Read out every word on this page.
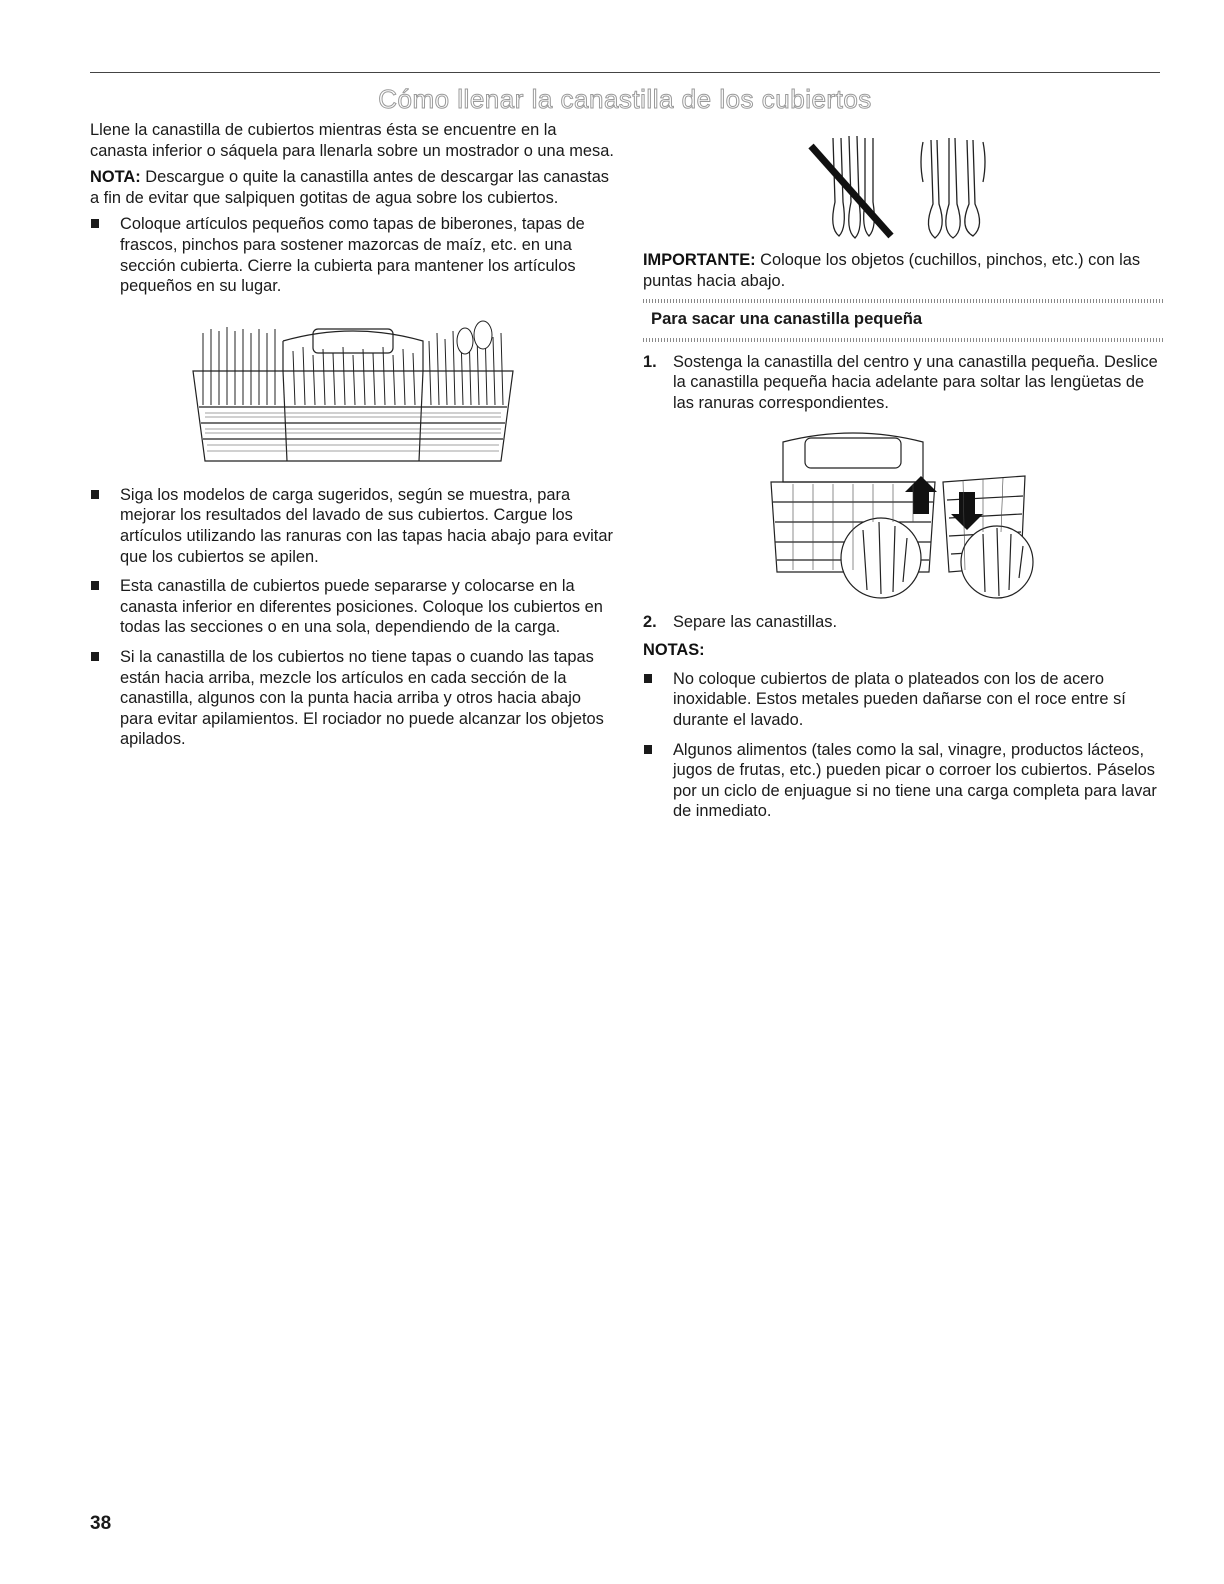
Cómo llenar la canastilla de los cubiertos

Llene la canastilla de cubiertos mientras ésta se encuentre en la canasta inferior o sáquela para llenarla sobre un mostrador o una mesa.

NOTA: Descargue o quite la canastilla antes de descargar las canastas a fin de evitar que salpiquen gotitas de agua sobre los cubiertos.

Coloque artículos pequeños como tapas de biberones, tapas de frascos, pinchos para sostener mazorcas de maíz, etc. en una sección cubierta. Cierre la cubierta para mantener los artículos pequeños en su lugar.
Siga los modelos de carga sugeridos, según se muestra, para mejorar los resultados del lavado de sus cubiertos. Cargue los artículos utilizando las ranuras con las tapas hacia abajo para evitar que los cubiertos se apilen.
Esta canastilla de cubiertos puede separarse y colocarse en la canasta inferior en diferentes posiciones. Coloque los cubiertos en todas las secciones o en una sola, dependiendo de la carga.
Si la canastilla de los cubiertos no tiene tapas o cuando las tapas están hacia arriba, mezcle los artículos en cada sección de la canastilla, algunos con la punta hacia arriba y otros hacia abajo para evitar apilamientos. El rociador no puede alcanzar los objetos apilados.

IMPORTANTE: Coloque los objetos (cuchillos, pinchos, etc.) con las puntas hacia abajo.

Para sacar una canastilla pequeña
1. Sostenga la canastilla del centro y una canastilla pequeña. Deslice la canastilla pequeña hacia adelante para soltar las lengüetas de las ranuras correspondientes.
2. Separe las canastillas.

NOTAS:

No coloque cubiertos de plata o plateados con los de acero inoxidable. Estos metales pueden dañarse con el roce entre sí durante el lavado.
Algunos alimentos (tales como la sal, vinagre, productos lácteos, jugos de frutas, etc.) pueden picar o corroer los cubiertos. Páselos por un ciclo de enjuague si no tiene una carga completa para lavar de inmediato.
38
